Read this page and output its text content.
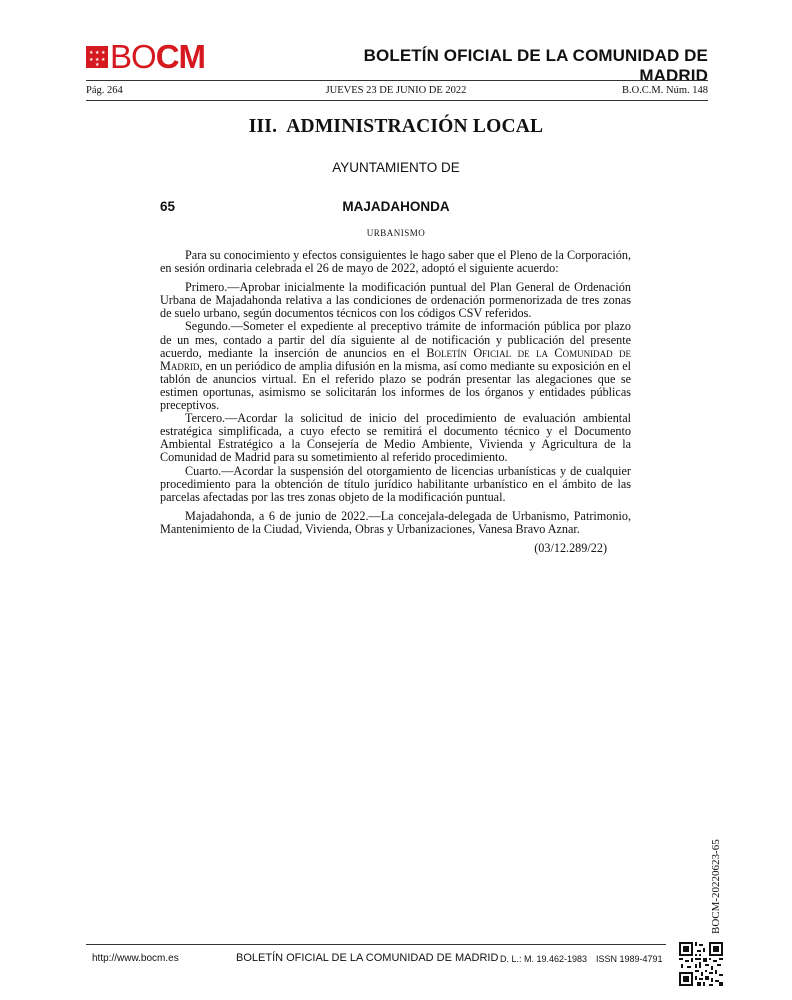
★ ★ ★
★ ★ ★
★ BOCM	BOLETÍN OFICIAL DE LA COMUNIDAD DE MADRID
Pág. 264	JUEVES 23 DE JUNIO DE 2022	B.O.C.M. Núm. 148
III.  ADMINISTRACIÓN LOCAL
AYUNTAMIENTO DE
65	MAJADAHONDA
URBANISMO

Para su conocimiento y efectos consiguientes le hago saber que el Pleno de la Corporación, en sesión ordinaria celebrada el 26 de mayo de 2022, adoptó el siguiente acuerdo:

Primero.—Aprobar inicialmente la modificación puntual del Plan General de Ordenación Urbana de Majadahonda relativa a las condiciones de ordenación pormenorizada de tres zonas de suelo urbano, según documentos técnicos con los códigos CSV referidos.

Segundo.—Someter el expediente al preceptivo trámite de información pública por plazo de un mes, contado a partir del día siguiente al de notificación y publicación del presente acuerdo, mediante la inserción de anuncios en el Boletín Oficial de la Comunidad de Madrid, en un periódico de amplia difusión en la misma, así como mediante su exposición en el tablón de anuncios virtual. En el referido plazo se podrán presentar las alegaciones que se estimen oportunas, asimismo se solicitarán los informes de los órganos y entidades públicas preceptivos.

Tercero.—Acordar la solicitud de inicio del procedimiento de evaluación ambiental estratégica simplificada, a cuyo efecto se remitirá el documento técnico y el Documento Ambiental Estratégico a la Consejería de Medio Ambiente, Vivienda y Agricultura de la Comunidad de Madrid para su sometimiento al referido procedimiento.

Cuarto.—Acordar la suspensión del otorgamiento de licencias urbanísticas y de cualquier procedimiento para la obtención de título jurídico habilitante urbanístico en el ámbito de las parcelas afectadas por las tres zonas objeto de la modificación puntual.

Majadahonda, a 6 de junio de 2022.—La concejala-delegada de Urbanismo, Patrimonio, Mantenimiento de la Ciudad, Vivienda, Obras y Urbanizaciones, Vanesa Bravo Aznar.

(03/12.289/22)
BOCM-20220623-65
http://www.bocm.es	BOLETÍN OFICIAL DE LA COMUNIDAD DE MADRID D. L.: M. 19.462-1983 ISSN 1989-4791
